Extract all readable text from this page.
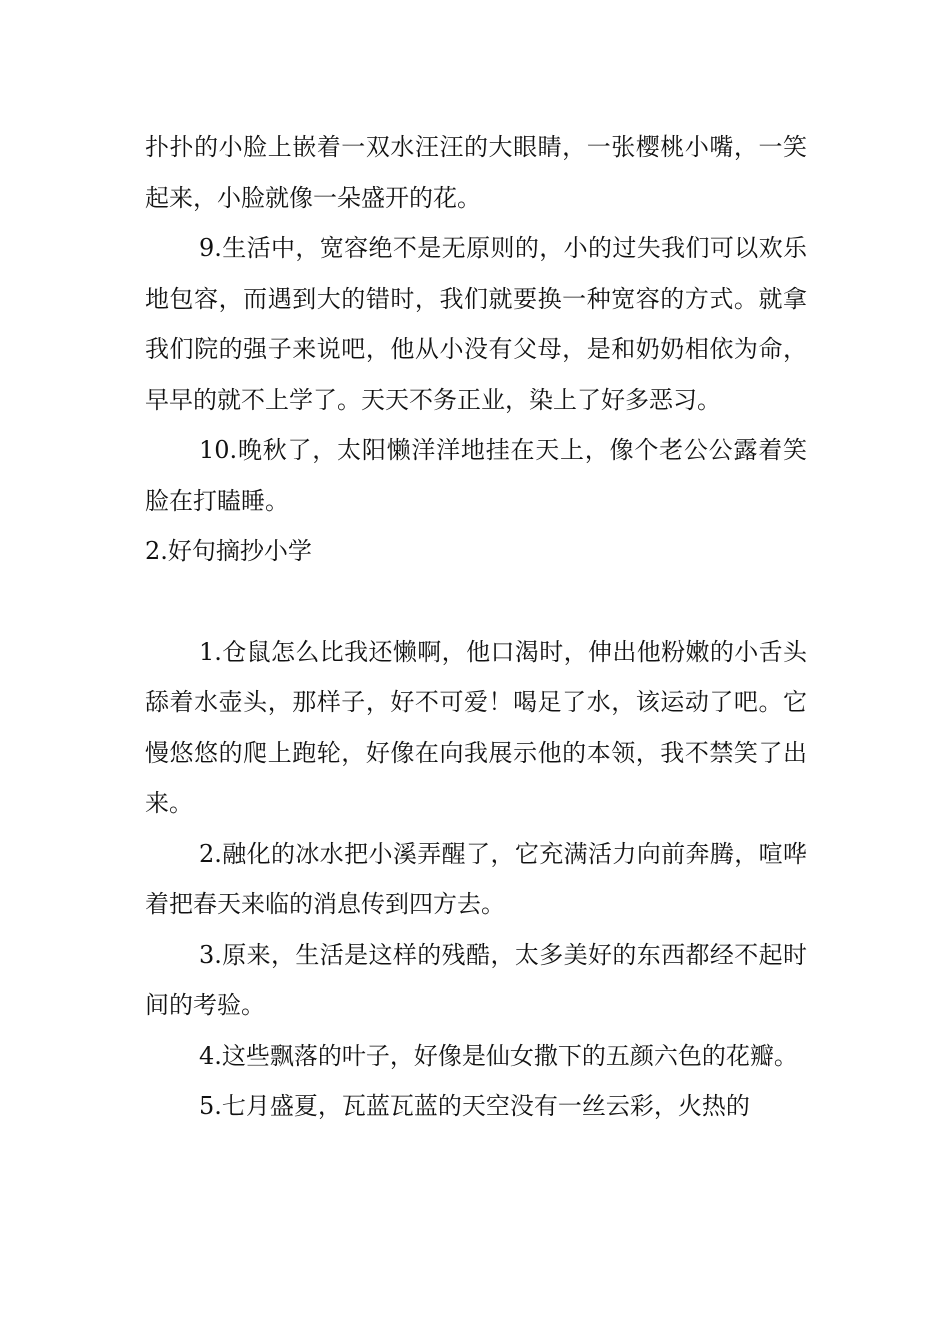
扑扑的小脸上嵌着一双水汪汪的大眼睛，一张樱桃小嘴，一笑起来，小脸就像一朵盛开的花。

9.生活中，宽容绝不是无原则的，小的过失我们可以欢乐地包容，而遇到大的错时，我们就要换一种宽容的方式。就拿我们院的强子来说吧，他从小没有父母，是和奶奶相依为命，早早的就不上学了。天天不务正业，染上了好多恶习。

10.晚秋了，太阳懒洋洋地挂在天上，像个老公公露着笑脸在打瞌睡。

2.好句摘抄小学

1.仓鼠怎么比我还懒啊，他口渴时，伸出他粉嫩的小舌头舔着水壶头，那样子，好不可爱！喝足了水，该运动了吧。它慢悠悠的爬上跑轮，好像在向我展示他的本领，我不禁笑了出来。

2.融化的冰水把小溪弄醒了，它充满活力向前奔腾，喧哗着把春天来临的消息传到四方去。

3.原来，生活是这样的残酷，太多美好的东西都经不起时间的考验。

4.这些飘落的叶子，好像是仙女撒下的五颜六色的花瓣。

5.七月盛夏，瓦蓝瓦蓝的天空没有一丝云彩，火热的
